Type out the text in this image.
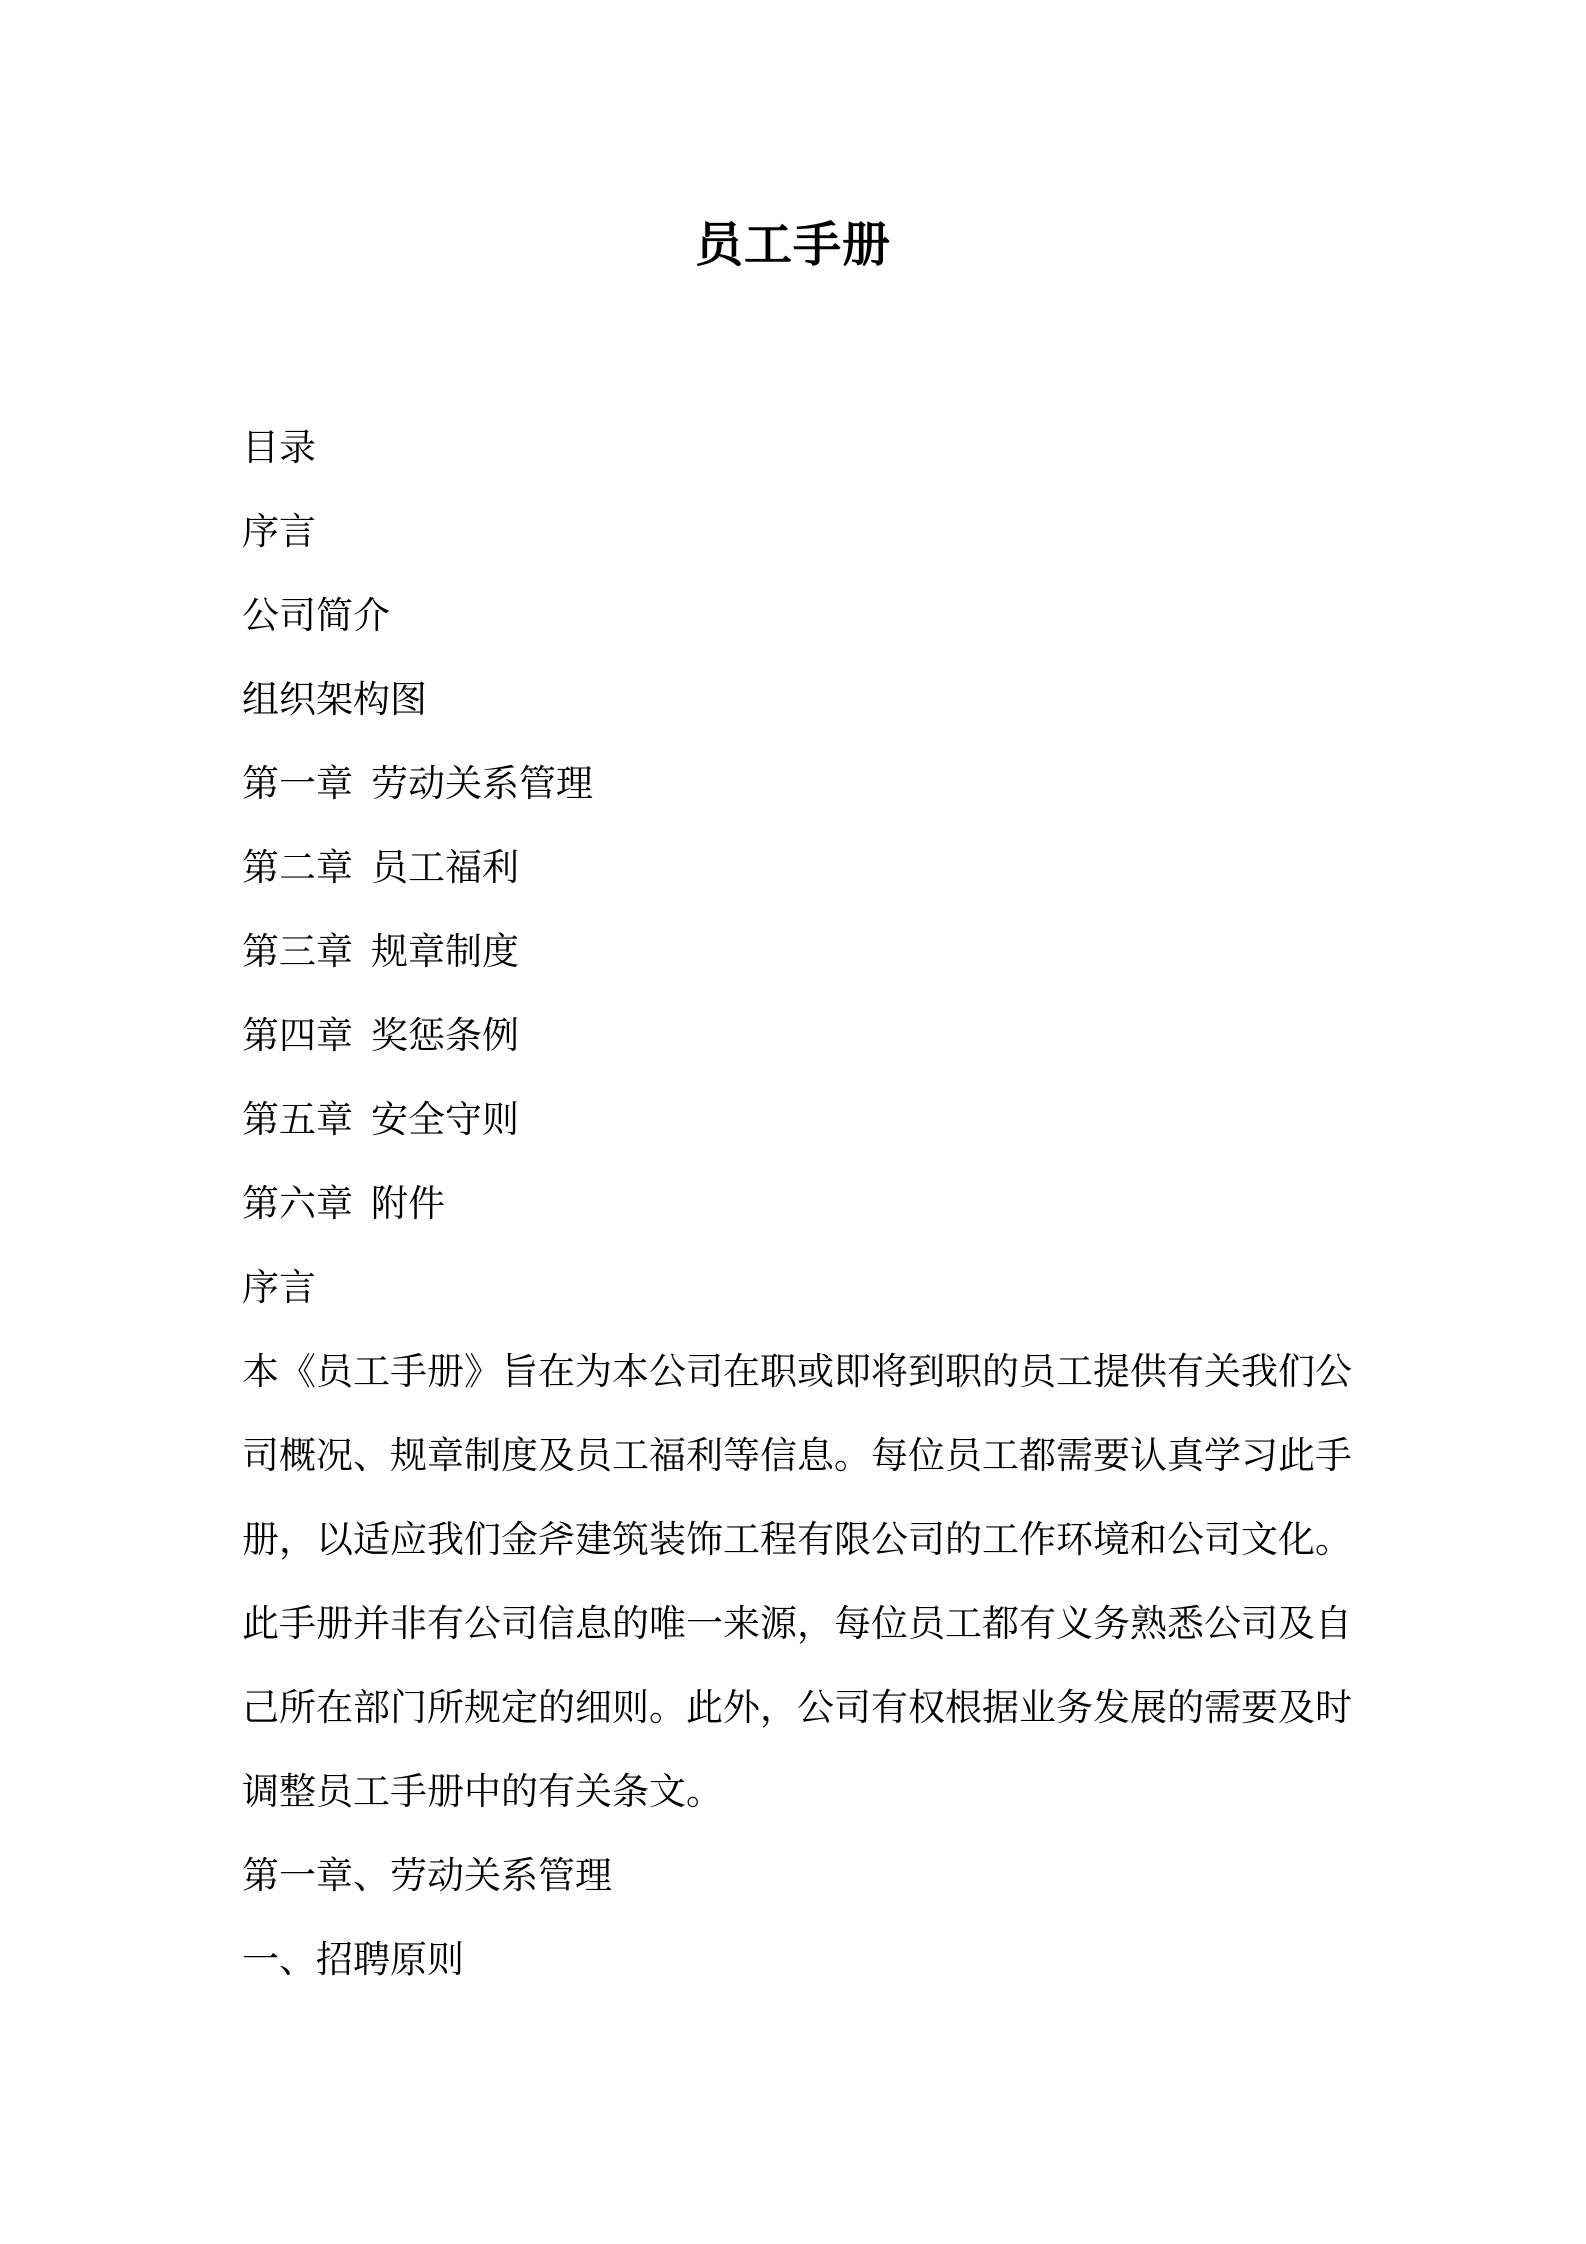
员工手册
目录
序言
公司简介
组织架构图
第一章 劳动关系管理
第二章 员工福利
第三章 规章制度
第四章 奖惩条例
第五章 安全守则
第六章 附件
序言
本《员工手册》旨在为本公司在职或即将到职的员工提供有关我们公
司概况、规章制度及员工福利等信息。每位员工都需要认真学习此手
册，以适应我们金斧建筑装饰工程有限公司的工作环境和公司文化。
此手册并非有公司信息的唯一来源，每位员工都有义务熟悉公司及自
己所在部门所规定的细则。此外，公司有权根据业务发展的需要及时
调整员工手册中的有关条文。
第一章、劳动关系管理
一、招聘原则
